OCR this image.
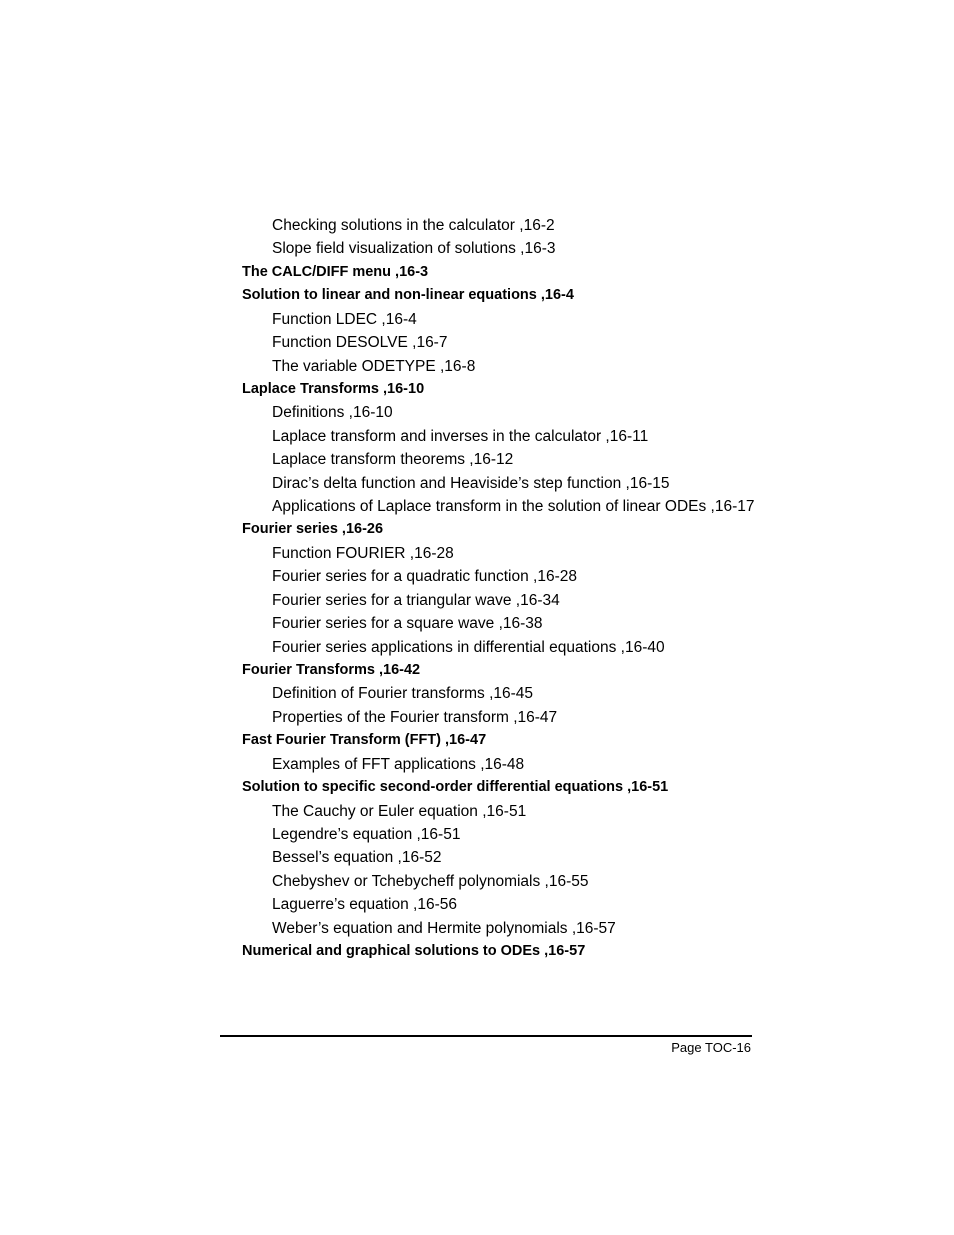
Checking solutions in the calculator ,16-2
Slope field visualization of solutions ,16-3
The CALC/DIFF menu ,16-3
Solution to linear and non-linear equations ,16-4
Function LDEC ,16-4
Function DESOLVE ,16-7
The variable ODETYPE ,16-8
Laplace Transforms ,16-10
Definitions ,16-10
Laplace transform and inverses in the calculator ,16-11
Laplace transform theorems ,16-12
Dirac’s delta function and Heaviside’s step function ,16-15
Applications of Laplace transform in the solution of linear ODEs ,16-17
Fourier series ,16-26
Function FOURIER ,16-28
Fourier series for a quadratic function ,16-28
Fourier series for a triangular wave ,16-34
Fourier series for a square wave ,16-38
Fourier series applications in differential equations ,16-40
Fourier Transforms ,16-42
Definition of Fourier transforms ,16-45
Properties of the Fourier transform ,16-47
Fast Fourier Transform (FFT) ,16-47
Examples of FFT applications ,16-48
Solution to specific second-order differential equations ,16-51
The Cauchy or Euler equation ,16-51
Legendre’s equation ,16-51
Bessel’s equation ,16-52
Chebyshev or Tchebycheff polynomials ,16-55
Laguerre’s equation ,16-56
Weber’s equation and Hermite polynomials ,16-57
Numerical and graphical solutions to ODEs ,16-57
Page TOC-16
